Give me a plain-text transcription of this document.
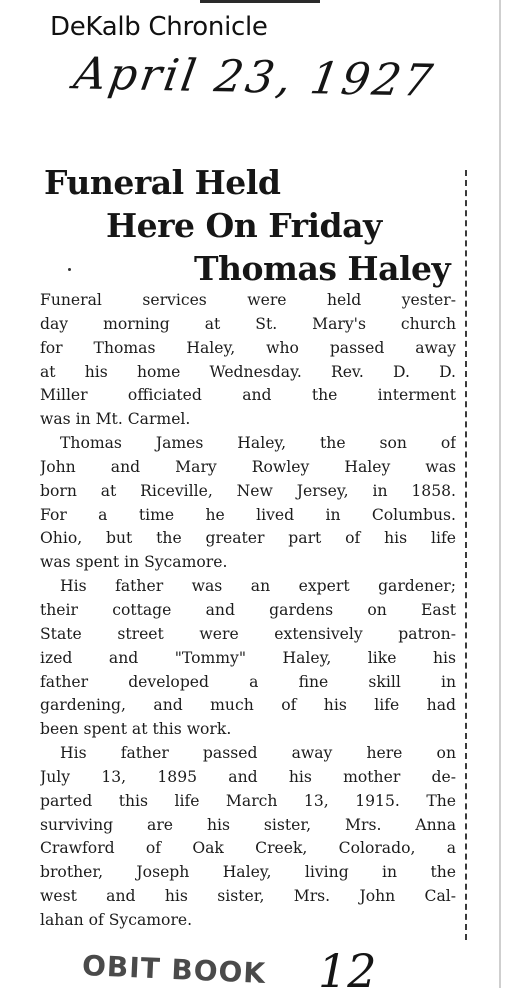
DeKalb Chronicle
April 23, 1927
Funeral Held
Here On Friday
Thomas Haley
Funeral services were held yester-
day morning at St. Mary's church
for Thomas Haley, who passed away
at his home Wednesday. Rev. D. D.
Miller officiated and the interment
was in Mt. Carmel.
Thomas James Haley, the son of
John and Mary Rowley Haley was
born at Riceville, New Jersey, in 1858.
For a time he lived in Columbus.
Ohio, but the greater part of his life
was spent in Sycamore.
His father was an expert gardener;
their cottage and gardens on East
State street were extensively patron-
ized and "Tommy" Haley, like his
father developed a fine skill in
gardening, and much of his life had
been spent at this work.
His father passed away here on
July 13, 1895 and his mother de-
parted this life March 13, 1915. The
surviving are his sister, Mrs. Anna
Crawford of Oak Creek, Colorado, a
brother, Joseph Haley, living in the
west and his sister, Mrs. John Cal-
lahan of Sycamore.
OBIT BOOK 12
